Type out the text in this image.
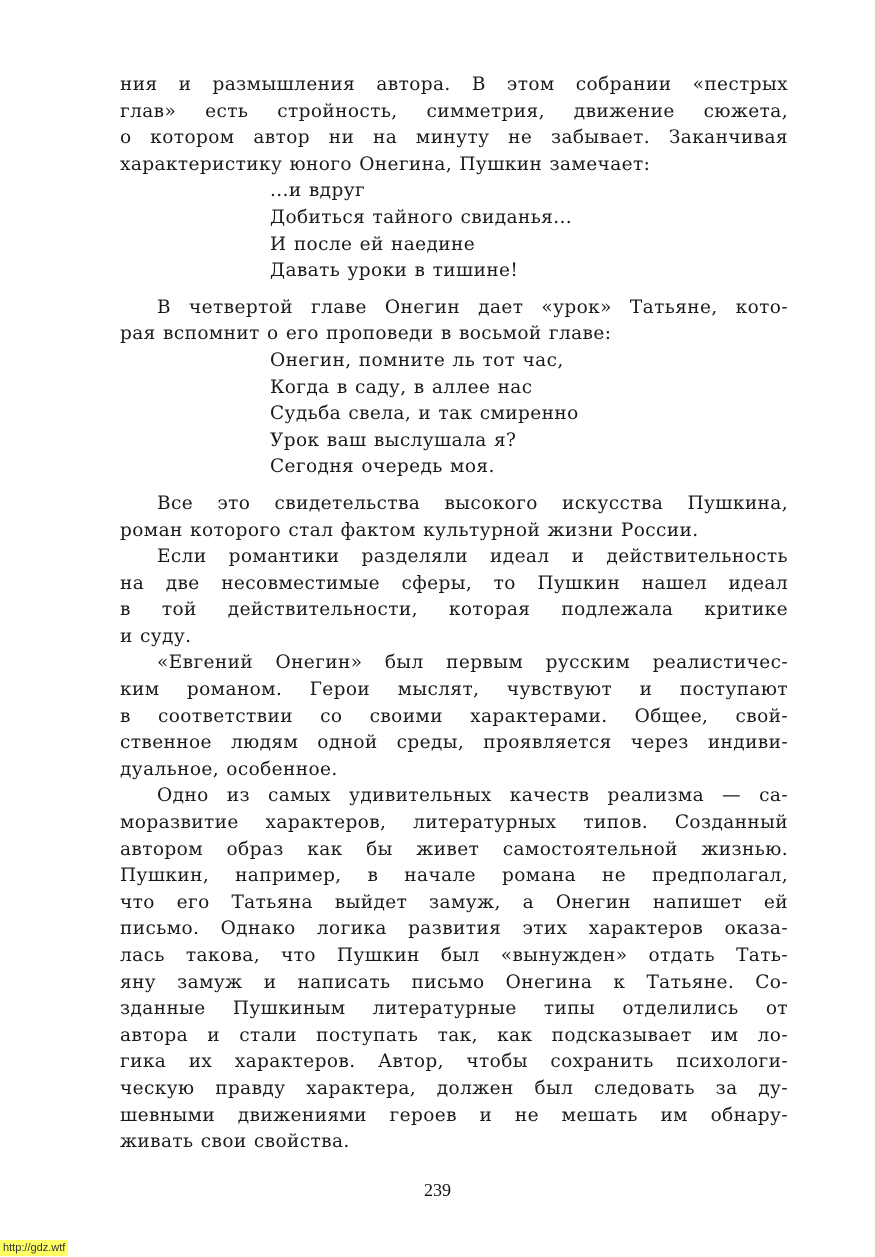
ния и размышления автора. В этом собрании «пестрых
глав» есть стройность, симметрия, движение сюжета,
о котором автор ни на минуту не забывает. Заканчивая
характеристику юного Онегина, Пушкин замечает:
...и вдруг
Добиться тайного свиданья...
И после ей наедине
Давать уроки в тишине!
В четвертой главе Онегин дает «урок» Татьяне, кото-
рая вспомнит о его проповеди в восьмой главе:
Онегин, помните ль тот час,
Когда в саду, в аллее нас
Судьба свела, и так смиренно
Урок ваш выслушала я?
Сегодня очередь моя.
Все это свидетельства высокого искусства Пушкина,
роман которого стал фактом культурной жизни России.
Если романтики разделяли идеал и действительность
на две несовместимые сферы, то Пушкин нашел идеал
в той действительности, которая подлежала критике
и суду.
«Евгений Онегин» был первым русским реалистичес-
ким романом. Герои мыслят, чувствуют и поступают
в соответствии со своими характерами. Общее, свой-
ственное людям одной среды, проявляется через индиви-
дуальное, особенное.
Одно из самых удивительных качеств реализма — са-
моразвитие характеров, литературных типов. Созданный
автором образ как бы живет самостоятельной жизнью.
Пушкин, например, в начале романа не предполагал,
что его Татьяна выйдет замуж, а Онегин напишет ей
письмо. Однако логика развития этих характеров оказа-
лась такова, что Пушкин был «вынужден» отдать Тать-
яну замуж и написать письмо Онегина к Татьяне. Со-
зданные Пушкиным литературные типы отделились от
автора и стали поступать так, как подсказывает им ло-
гика их характеров. Автор, чтобы сохранить психологи-
ческую правду характера, должен был следовать за ду-
шевными движениями героев и не мешать им обнару-
живать свои свойства.
239
http://gdz.wtf
